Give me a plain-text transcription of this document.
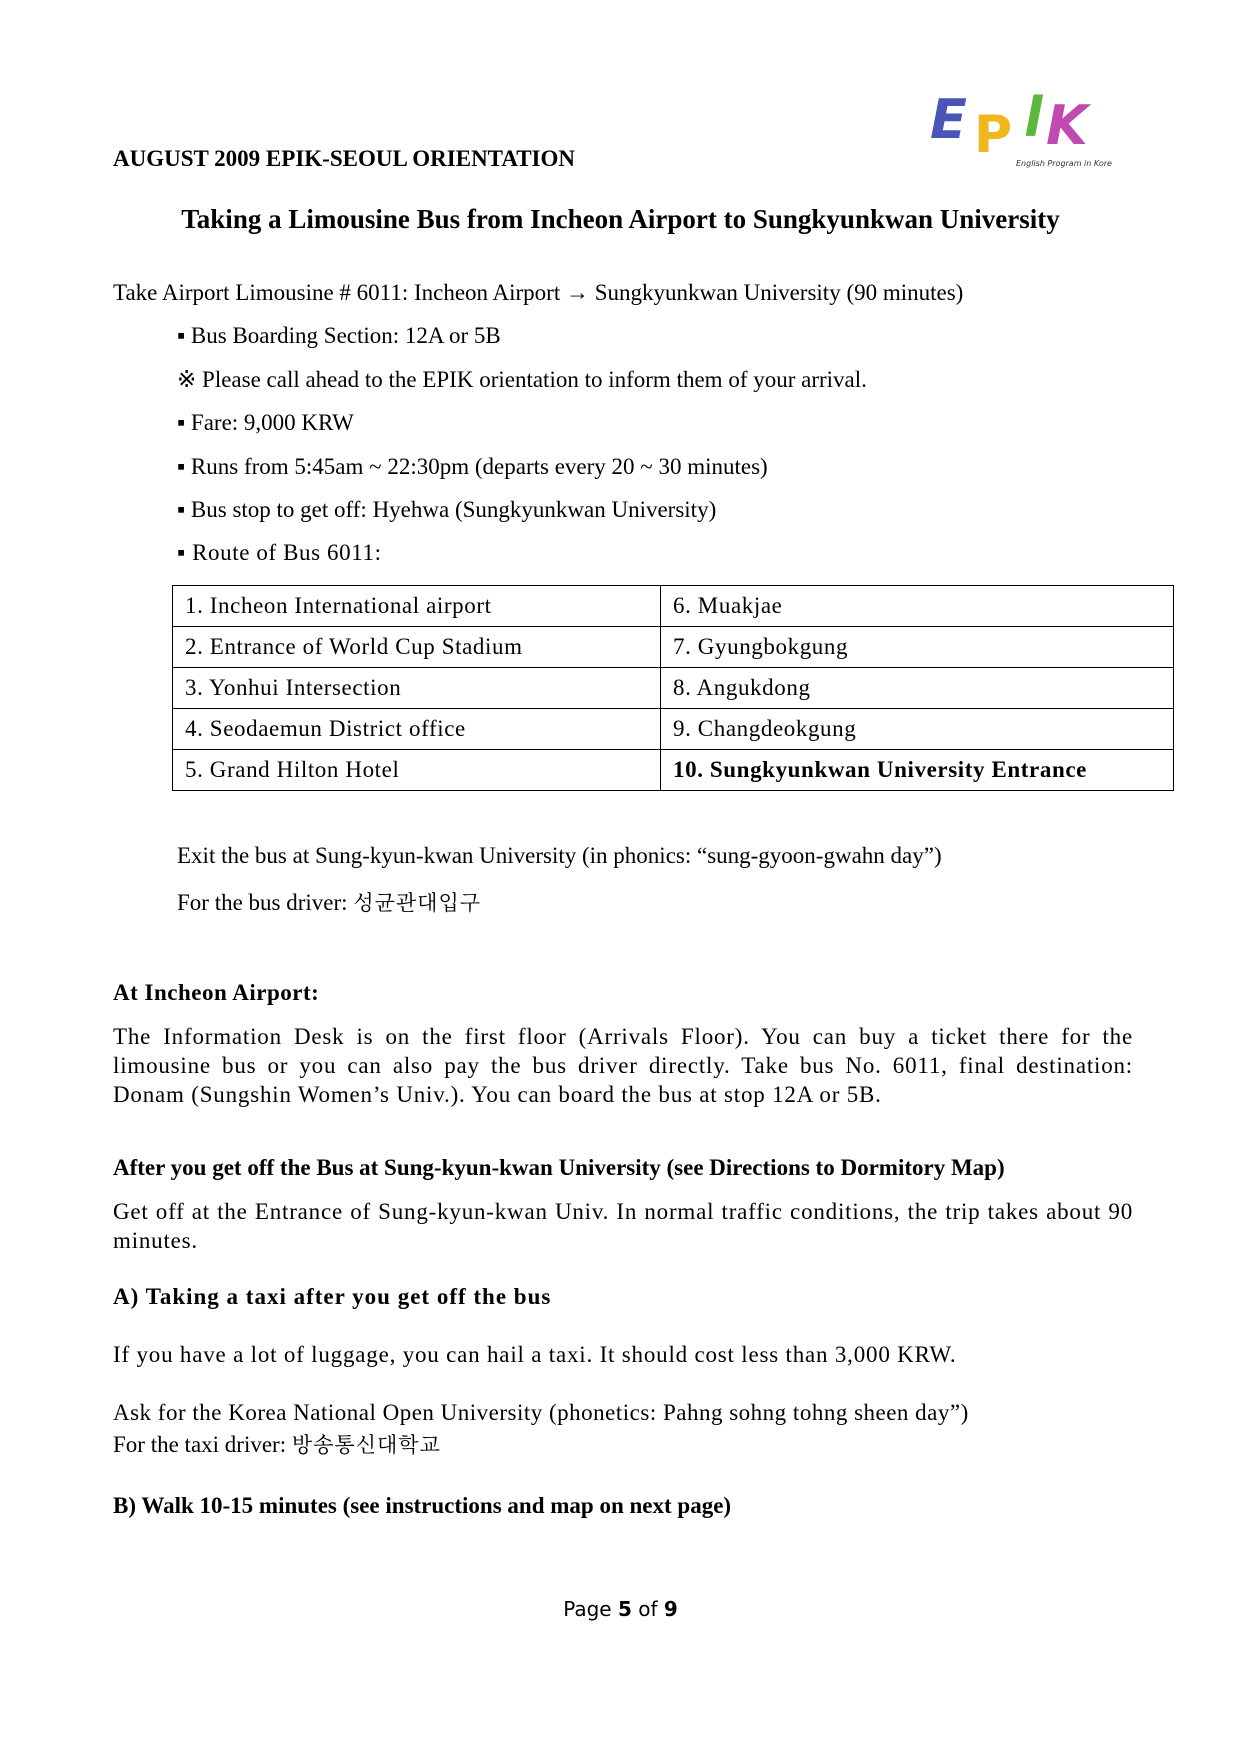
AUGUST 2009 EPIK-SEOUL ORIENTATION
E P l K
English Program in Korea
Taking a Limousine Bus from Incheon Airport to Sungkyunkwan University
Take Airport Limousine # 6011: Incheon Airport → Sungkyunkwan University (90 minutes)
▪ Bus Boarding Section: 12A or 5B
※ Please call ahead to the EPIK orientation to inform them of your arrival.
▪ Fare: 9,000 KRW
▪ Runs from 5:45am ~ 22:30pm (departs every 20 ~ 30 minutes)
▪ Bus stop to get off: Hyehwa (Sungkyunkwan University)
▪ Route of Bus 6011:
1. Incheon International airport	6. Muakjae
2. Entrance of World Cup Stadium	7. Gyungbokgung
3. Yonhui Intersection	8. Angukdong
4. Seodaemun District office	9. Changdeokgung
5. Grand Hilton Hotel	10. Sungkyunkwan University Entrance
Exit the bus at Sung-kyun-kwan University (in phonics: “sung-gyoon-gwahn day”)
For the bus driver: 성균관대입구
At Incheon Airport:
The Information Desk is on the first floor (Arrivals Floor). You can buy a ticket there for the limousine bus or you can also pay the bus driver directly. Take bus No. 6011, final destination: Donam (Sungshin Women’s Univ.). You can board the bus at stop 12A or 5B.
After you get off the Bus at Sung-kyun-kwan University (see Directions to Dormitory Map)
Get off at the Entrance of Sung-kyun-kwan Univ. In normal traffic conditions, the trip takes about 90 minutes.
A) Taking a taxi after you get off the bus
If you have a lot of luggage, you can hail a taxi. It should cost less than 3,000 KRW.
Ask for the Korea National Open University (phonetics: Pahng sohng tohng sheen day”)
For the taxi driver: 방송통신대학교
B) Walk 10-15 minutes (see instructions and map on next page)
Page 5 of 9
